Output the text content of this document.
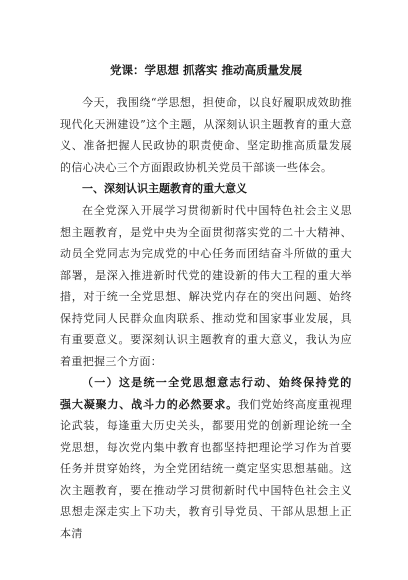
党课：学思想 抓落实 推动高质量发展

今天，我围绕“学思想，担使命，以良好履职成效助推现代化天洲建设”这个主题，从深刻认识主题教育的重大意义、准备把握人民政协的职责使命、坚定助推高质量发展的信心决心三个方面跟政协机关党员干部谈一些体会。

一、深刻认识主题教育的重大意义

在全党深入开展学习贯彻新时代中国特色社会主义思想主题教育，是党中央为全面贯彻落实党的二十大精神、动员全党同志为完成党的中心任务而团结奋斗所做的重大部署，是深入推进新时代党的建设新的伟大工程的重大举措，对于统一全党思想、解决党内存在的突出问题、始终保持党同人民群众血肉联系、推动党和国家事业发展，具有重要意义。要深刻认识主题教育的重大意义，我认为应着重把握三个方面：

（一）这是统一全党思想意志行动、始终保持党的强大凝聚力、战斗力的必然要求。我们党始终高度重视理论武装，每逢重大历史关头，都要用党的创新理论统一全党思想，每次党内集中教育也都坚持把理论学习作为首要任务并贯穿始终，为全党团结统一奠定坚实思想基础。这次主题教育，要在推动学习贯彻新时代中国特色社会主义思想走深走实上下功夫，教育引导党员、干部从思想上正本清
